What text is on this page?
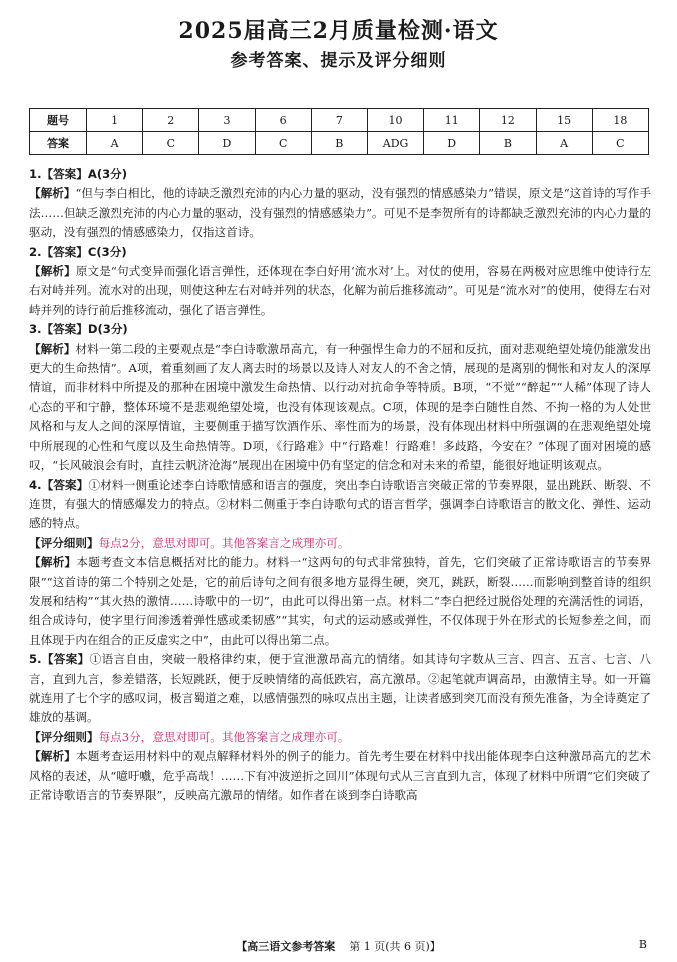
2025届高三2月质量检测·语文
参考答案、提示及评分细则
题号	1	2	3	6	7	10	11	12	15	18
答案	A	C	D	C	B	ADG	D	B	A	C

1.【答案】A(3分)

【解析】“但与李白相比，他的诗缺乏激烈充沛的内心力量的驱动，没有强烈的情感感染力”错误，原文是“这首诗的写作手法……但缺乏激烈充沛的内心力量的驱动，没有强烈的情感感染力”。可见不是李贺所有的诗都缺乏激烈充沛的内心力量的驱动，没有强烈的情感感染力，仅指这首诗。

2.【答案】C(3分)

【解析】原文是“句式变异而强化语言弹性，还体现在李白好用‘流水对’上。对仗的使用，容易在两极对应思维中使诗行左右对峙并列。流水对的出现，则使这种左右对峙并列的状态，化解为前后推移流动”。可见是“流水对”的使用，使得左右对峙并列的诗行前后推移流动，强化了语言弹性。

3.【答案】D(3分)

【解析】材料一第二段的主要观点是“李白诗歌激昂高亢，有一种强悍生命力的不屈和反抗，面对悲观绝望处境仍能激发出更大的生命热情”。A项，着重刻画了友人离去时的场景以及诗人对友人的不舍之情，展现的是离别的惆怅和对友人的深厚情谊，而非材料中所提及的那种在困境中激发生命热情、以行动对抗命争等特质。B项，“不觉”“醉起”“人稀”体现了诗人心态的平和宁静，整体环境不是悲观绝望处境，也没有体现该观点。C项，体现的是李白随性自然、不拘一格的为人处世风格和与友人之间的深厚情谊，主要侧重于描写饮酒作乐、率性而为的场景，没有体现出材料中所强调的在悲观绝望处境中所展现的心性和气度以及生命热情等。D项，《行路难》中“行路难！行路难！多歧路，今安在？”体现了面对困境的感叹，“长风破浪会有时，直挂云帆济沧海”展现出在困境中仍有坚定的信念和对未来的希望，能很好地证明该观点。

4.【答案】①材料一侧重论述李白诗歌情感和语言的强度，突出李白诗歌语言突破正常的节奏界限，显出跳跃、断裂、不连贯，有强大的情感爆发力的特点。②材料二侧重于李白诗歌句式的语言哲学，强调李白诗歌语言的散文化、弹性、运动感的特点。

【评分细则】每点2分，意思对即可。其他答案言之成理亦可。

【解析】本题考查文本信息概括对比的能力。材料一“这两句的句式非常独特，首先，它们突破了正常诗歌语言的节奏界限”“这首诗的第二个特别之处是，它的前后诗句之间有很多地方显得生硬，突兀，跳跃，断裂……而影响到整首诗的组织发展和结构”“其火热的激情……诗歌中的一切”，由此可以得出第一点。材料二“李白把经过脱俗处理的充满活性的词语，组合成诗句，使字里行间渗透着弹性感或柔韧感”“其实，句式的运动感或弹性，不仅体现于外在形式的长短参差之间，而且体现于内在组合的正反虚实之中”，由此可以得出第二点。

5.【答案】①语言自由，突破一般格律约束，便于宣泄激昂高亢的情绪。如其诗句字数从三言、四言、五言、七言、八言，直到九言，参差错落，长短跳跃，便于反映情绪的高低跌宕，高亢激昂。②起笔就声调高昂，由激情主导。如一开篇就连用了七个字的感叹词，极言蜀道之难，以感情强烈的咏叹点出主题，让读者感到突兀而没有预先准备，为全诗奠定了雄放的基调。

【评分细则】每点3分，意思对即可。其他答案言之成理亦可。

【解析】本题考查运用材料中的观点解释材料外的例子的能力。首先考生要在材料中找出能体现李白这种激昂高亢的艺术风格的表述，从“噫吁嚱，危乎高哉！……下有冲波逆折之回川”体现句式从三言直到九言，体现了材料中所谓“它们突破了正常诗歌语言的节奏界限”，反映高亢激昂的情绪。如作者在谈到李白诗歌高

【高三语文参考答案 第 1 页(共 6 页)】	B
